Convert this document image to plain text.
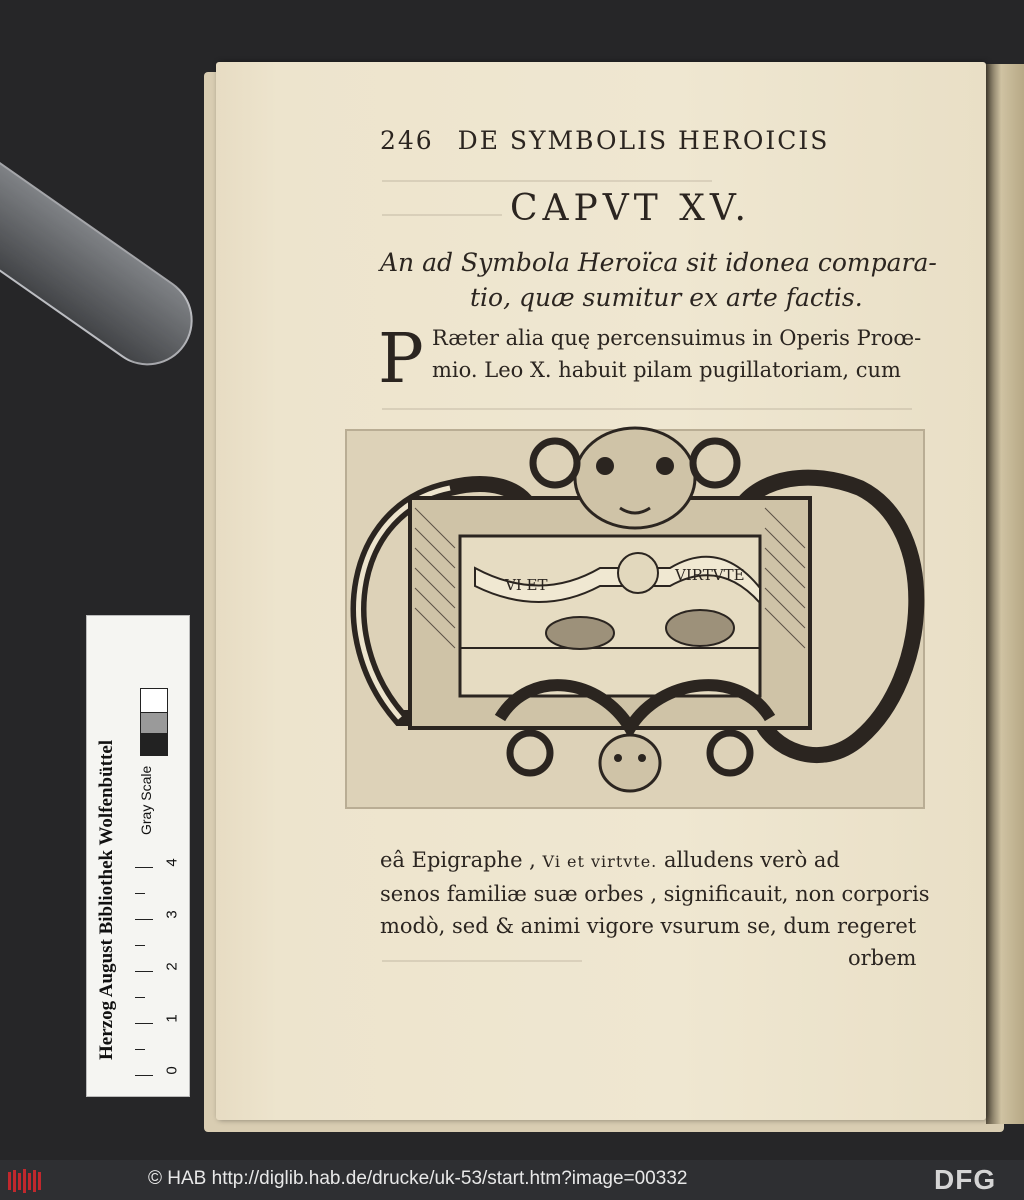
246 DE SYMBOLIS HEROICIS
CAPVT XV.
An ad Symbola Heroïca sit idonea compara-
tio, quæ sumitur ex arte factis.
P Ræter alia quę percensuimus in Operis Proœ-
mio. Leo X. habuit pilam pugillatoriam, cum
VI ET
VIRTVTE
eâ Epigraphe , Vi et virtvte. alludens verò ad
senos familiæ suæ orbes , significauit, non corporis
modò, sed & animi vigore vsurum se, dum regeret
orbem
Herzog August Bibliothek Wolfenbüttel Gray Scale
0
1
2
3
4
© HAB http://diglib.hab.de/drucke/uk-53/start.htm?image=00332	DFG
